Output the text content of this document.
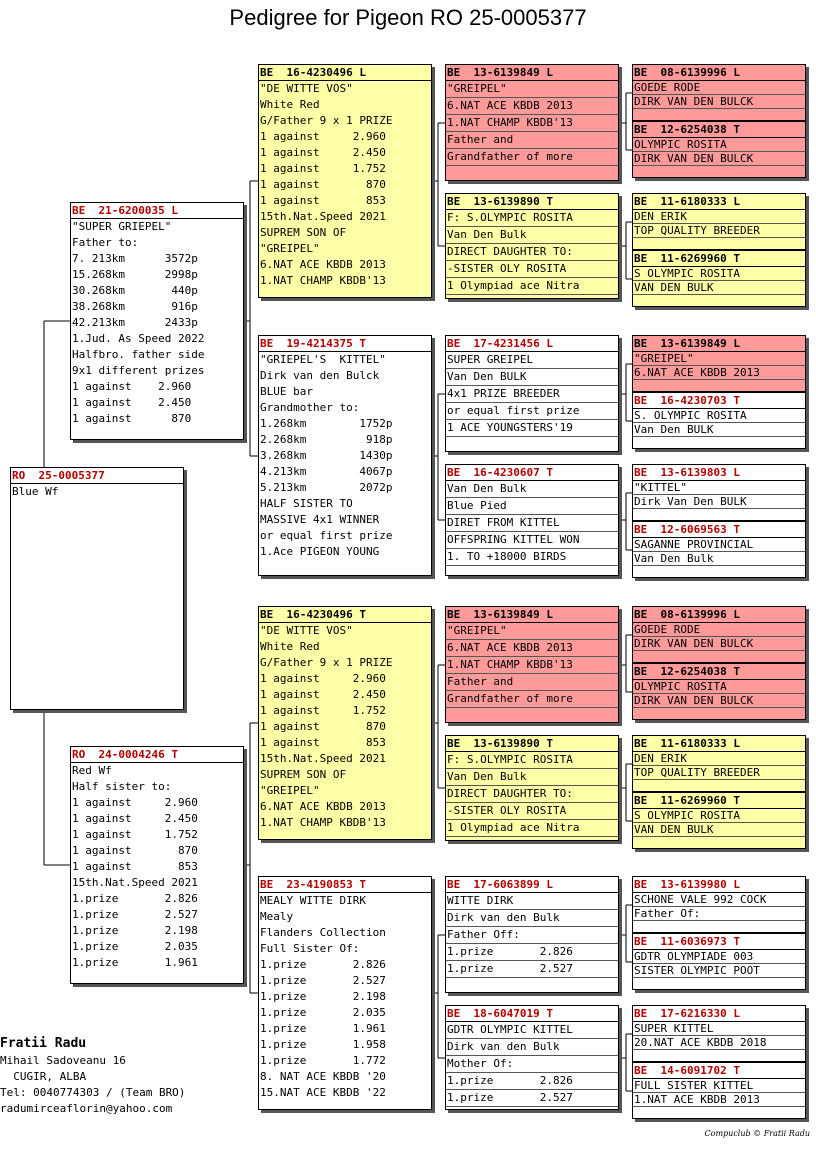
Pedigree for Pigeon RO 25-0005377
RO  25-0005377
Blue Wf
BE  21-6200035 L
"SUPER GRIEPEL"
Father to:
7. 213km      3572p
15.268km      2998p
30.268km       440p
38.268km       916p
42.213km      2433p
1.Jud. As Speed 2022
Halfbro. father side
9x1 different prizes
1 against    2.960
1 against    2.450
1 against      870
RO  24-0004246 T
Red Wf
Half sister to:
1 against     2.960
1 against     2.450
1 against     1.752
1 against       870
1 against       853
15th.Nat.Speed 2021
1.prize       2.826
1.prize       2.527
1.prize       2.198
1.prize       2.035
1.prize       1.961
BE  16-4230496 L
"DE WITTE VOS"
White Red
G/Father 9 x 1 PRIZE
1 against     2.960
1 against     2.450
1 against     1.752
1 against       870
1 against       853
15th.Nat.Speed 2021
SUPREM SON OF
"GREIPEL"
6.NAT ACE KBDB 2013
1.NAT CHAMP KBDB'13
BE  19-4214375 T
"GRIEPEL'S  KITTEL"
Dirk van den Bulck
BLUE bar
Grandmother to:
1.268km        1752p
2.268km         918p
3.268km        1430p
4.213km        4067p
5.213km        2072p
HALF SISTER TO
MASSIVE 4x1 WINNER
or equal first prize
1.Ace PIGEON YOUNG
BE  16-4230496 T
"DE WITTE VOS"
White Red
G/Father 9 x 1 PRIZE
1 against     2.960
1 against     2.450
1 against     1.752
1 against       870
1 against       853
15th.Nat.Speed 2021
SUPREM SON OF
"GREIPEL"
6.NAT ACE KBDB 2013
1.NAT CHAMP KBDB'13
BE  23-4190853 T
MEALY WITTE DIRK
Mealy
Flanders Collection
Full Sister Of:
1.prize       2.826
1.prize       2.527
1.prize       2.198
1.prize       2.035
1.prize       1.961
1.prize       1.958
1.prize       1.772
8. NAT ACE KBDB '20
15.NAT ACE KBDB '22
BE  13-6139849 L
"GREIPEL"
6.NAT ACE KBDB 2013
1.NAT CHAMP KBDB'13
Father and
Grandfather of more
BE  13-6139890 T
F: S.OLYMPIC ROSITA
Van Den Bulk
DIRECT DAUGHTER TO:
-SISTER OLY ROSITA
1 Olympiad ace Nitra
BE  17-4231456 L
SUPER GREIPEL
Van Den BULK
4x1 PRIZE BREEDER
or equal first prize
1 ACE YOUNGSTERS'19
BE  16-4230607 T
Van Den Bulk
Blue Pied
DIRET FROM KITTEL
OFFSPRING KITTEL WON
1. TO +18000 BIRDS
BE  13-6139849 L
"GREIPEL"
6.NAT ACE KBDB 2013
1.NAT CHAMP KBDB'13
Father and
Grandfather of more
BE  13-6139890 T
F: S.OLYMPIC ROSITA
Van Den Bulk
DIRECT DAUGHTER TO:
-SISTER OLY ROSITA
1 Olympiad ace Nitra
BE  17-6063899 L
WITTE DIRK
Dirk van den Bulk
Father Off:
1.prize       2.826
1.prize       2.527
BE  18-6047019 T
GDTR OLYMPIC KITTEL
Dirk van den Bulk
Mother Of:
1.prize       2.826
1.prize       2.527
BE  08-6139996 L
GOEDE RODE
DIRK VAN DEN BULCK
BE  12-6254038 T
OLYMPIC ROSITA
DIRK VAN DEN BULCK
BE  11-6180333 L
DEN ERIK
TOP QUALITY BREEDER
BE  11-6269960 T
S OLYMPIC ROSITA
VAN DEN BULK
BE  13-6139849 L
"GREIPEL"
6.NAT ACE KBDB 2013
BE  16-4230703 T
S. OLYMPIC ROSITA
Van Den BULK
BE  13-6139803 L
"KITTEL"
Dirk Van Den BULK
BE  12-6069563 T
SAGANNE PROVINCIAL
Van Den Bulk
BE  08-6139996 L
GOEDE RODE
DIRK VAN DEN BULCK
BE  12-6254038 T
OLYMPIC ROSITA
DIRK VAN DEN BULCK
BE  11-6180333 L
DEN ERIK
TOP QUALITY BREEDER
BE  11-6269960 T
S OLYMPIC ROSITA
VAN DEN BULK
BE  13-6139980 L
SCHONE VALE 992 COCK
Father Of:
BE  11-6036973 T
GDTR OLYMPIADE 003
SISTER OLYMPIC POOT
BE  17-6216330 L
SUPER KITTEL
20.NAT ACE KBDB 2018
BE  14-6091702 T
FULL SISTER KITTEL
1.NAT ACE KBDB 2013
Fratii Radu
Mihail Sadoveanu 16
CUGIR, ALBA
Tel: 0040774303 / (Team BRO)
radumirceaflorin@yahoo.com
Compuclub © Fratii Radu
